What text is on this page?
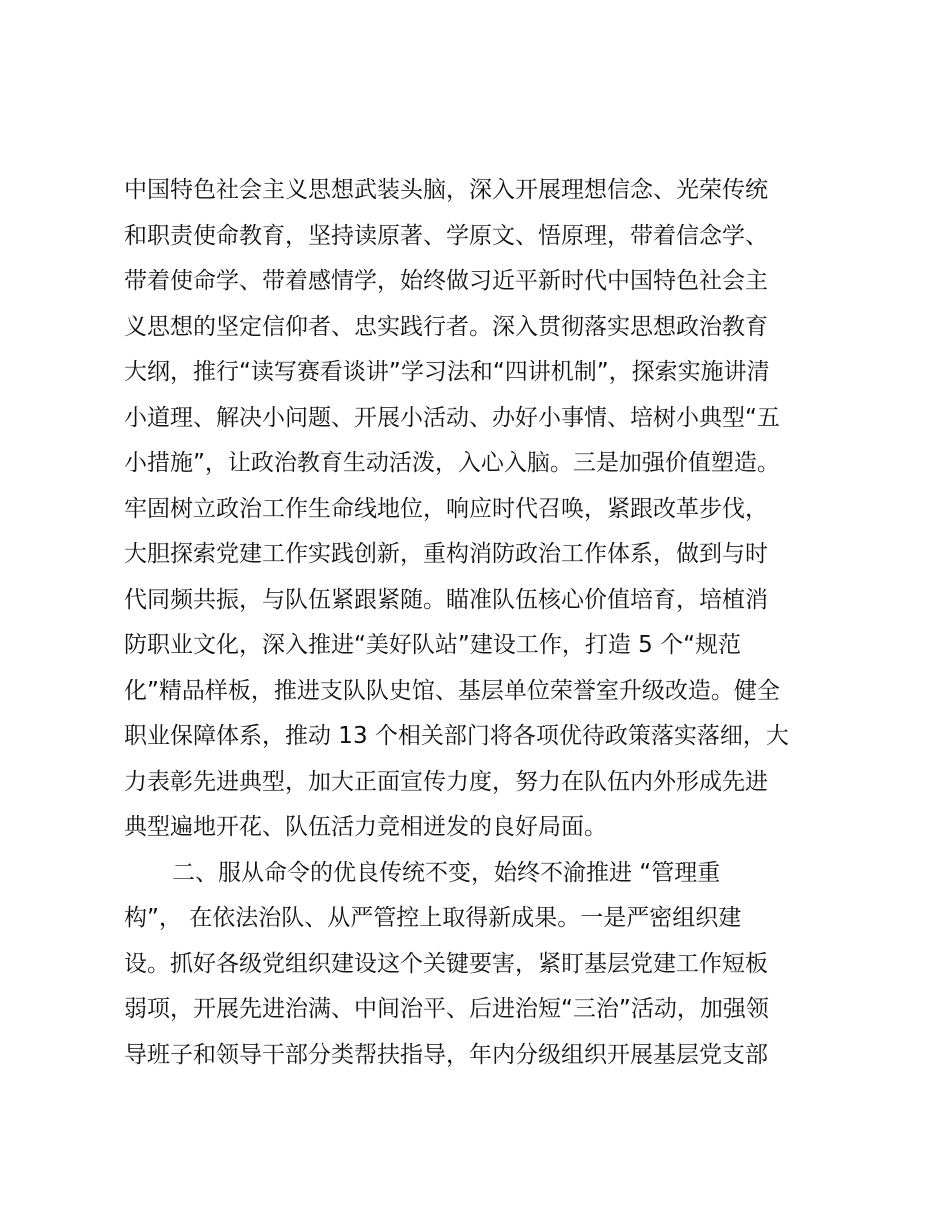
中国特色社会主义思想武装头脑，深入开展理想信念、光荣传统
和职责使命教育，坚持读原著、学原文、悟原理，带着信念学、
带着使命学、带着感情学，始终做习近平新时代中国特色社会主
义思想的坚定信仰者、忠实践行者。深入贯彻落实思想政治教育
大纲，推行“读写赛看谈讲”学习法和“四讲机制”，探索实施讲清
小道理、解决小问题、开展小活动、办好小事情、培树小典型“五
小措施”，让政治教育生动活泼，入心入脑。三是加强价值塑造。
牢固树立政治工作生命线地位，响应时代召唤，紧跟改革步伐，
大胆探索党建工作实践创新，重构消防政治工作体系，做到与时
代同频共振，与队伍紧跟紧随。瞄准队伍核心价值培育，培植消
防职业文化，深入推进“美好队站”建设工作，打造 5 个“规范
化”精品样板，推进支队队史馆、基层单位荣誉室升级改造。健全
职业保障体系，推动 13 个相关部门将各项优待政策落实落细，大
力表彰先进典型，加大正面宣传力度，努力在队伍内外形成先进
典型遍地开花、队伍活力竞相迸发的良好局面。
二、服从命令的优良传统不变，始终不渝推进 “管理重
构”， 在依法治队、从严管控上取得新成果。一是严密组织建
设。抓好各级党组织建设这个关键要害，紧盯基层党建工作短板
弱项，开展先进治满、中间治平、后进治短“三治”活动，加强领
导班子和领导干部分类帮扶指导，年内分级组织开展基层党支部
